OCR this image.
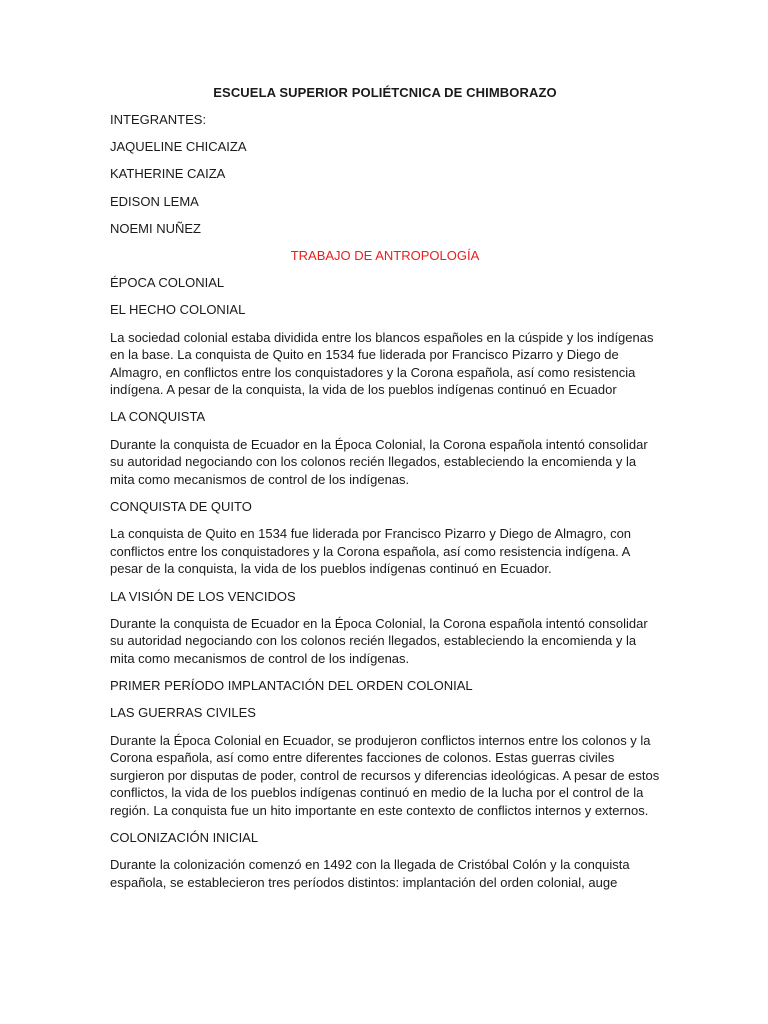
ESCUELA SUPERIOR POLIÉTCNICA DE CHIMBORAZO
INTEGRANTES:
JAQUELINE CHICAIZA
KATHERINE CAIZA
EDISON LEMA
NOEMI NUÑEZ
TRABAJO DE ANTROPOLOGÍA
ÉPOCA COLONIAL
EL HECHO COLONIAL
La sociedad colonial estaba dividida entre los blancos españoles en la cúspide y los indígenas en la base. La conquista de Quito en 1534 fue liderada por Francisco Pizarro y Diego de Almagro, en conflictos entre los conquistadores y la Corona española, así como resistencia indígena. A pesar de la conquista, la vida de los pueblos indígenas continuó en Ecuador
LA CONQUISTA
Durante la conquista de Ecuador en la Época Colonial, la Corona española intentó consolidar su autoridad negociando con los colonos recién llegados, estableciendo la encomienda y la mita como mecanismos de control de los indígenas.
CONQUISTA DE QUITO
La conquista de Quito en 1534 fue liderada por Francisco Pizarro y Diego de Almagro, con conflictos entre los conquistadores y la Corona española, así como resistencia indígena. A pesar de la conquista, la vida de los pueblos indígenas continuó en Ecuador.
LA VISIÓN DE LOS VENCIDOS
Durante la conquista de Ecuador en la Época Colonial, la Corona española intentó consolidar su autoridad negociando con los colonos recién llegados, estableciendo la encomienda y la mita como mecanismos de control de los indígenas.
PRIMER PERÍODO IMPLANTACIÓN DEL ORDEN COLONIAL
LAS GUERRAS CIVILES
Durante la Época Colonial en Ecuador, se produjeron conflictos internos entre los colonos y la Corona española, así como entre diferentes facciones de colonos. Estas guerras civiles surgieron por disputas de poder, control de recursos y diferencias ideológicas. A pesar de estos conflictos, la vida de los pueblos indígenas continuó en medio de la lucha por el control de la región. La conquista fue un hito importante en este contexto de conflictos internos y externos.
COLONIZACIÓN INICIAL
Durante la colonización comenzó en 1492 con la llegada de Cristóbal Colón y la conquista española, se establecieron tres períodos distintos: implantación del orden colonial, auge
